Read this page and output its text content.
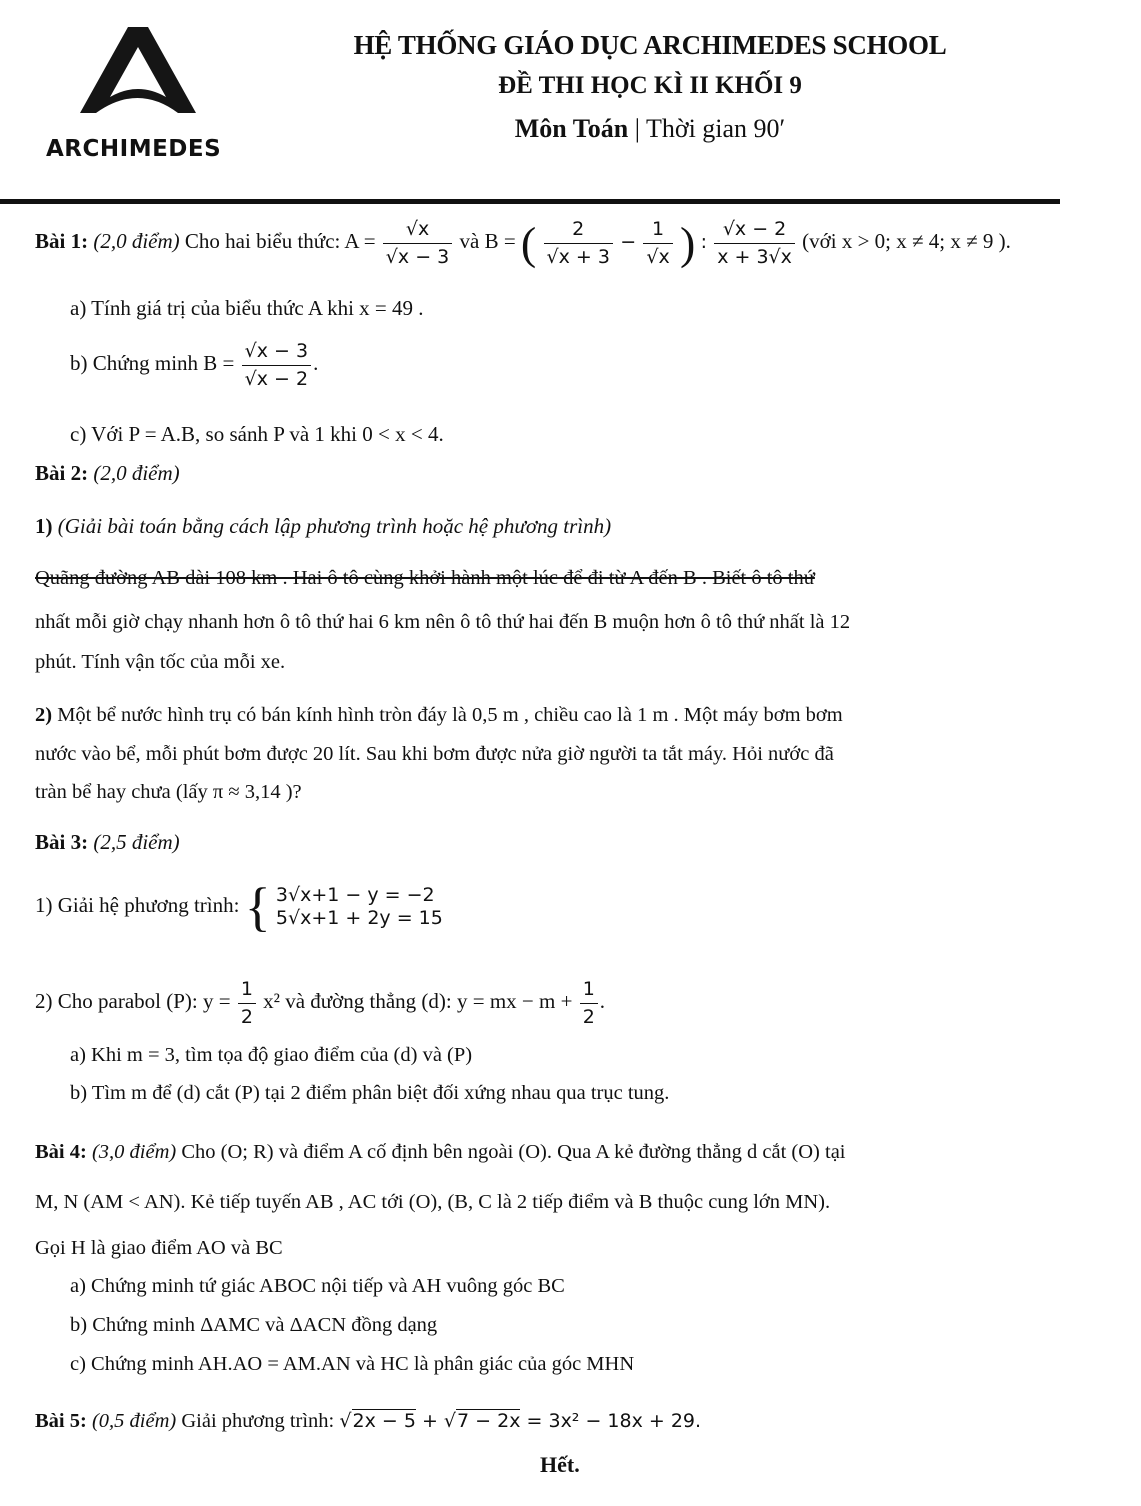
ARCHIMEDES
HỆ THỐNG GIÁO DỤC ARCHIMEDES SCHOOL
ĐỀ THI HỌC KÌ II KHỐI 9
Môn Toán | Thời gian 90′
Bài 1: (2,0 điểm) Cho hai biểu thức: $A = \frac{√x}{√x - 3}$ và B = ( $\frac{2}{√x + 3} - \frac{1}{√x}$ ) : $\frac{√x - 2}{x + 3√x}$ (với x > 0; x ≠ 4; x ≠ 9 ).
a) Tính giá trị của biểu thức A khi x = 49 .
b) Chứng minh $B = \frac{√x - 3}{√x - 2}$ .
c) Với P = A.B, so sánh P và 1 khi 0 < x < 4.
Bài 2: (2,0 điểm)
1) (Giải bài toán bằng cách lập phương trình hoặc hệ phương trình)
Quãng đường AB dài 108 km . Hai ô tô cùng khởi hành một lúc để đi từ A đến B . Biết ô tô thứ
nhất mỗi giờ chạy nhanh hơn ô tô thứ hai 6 km nên ô tô thứ hai đến B muộn hơn ô tô thứ nhất là 12
phút. Tính vận tốc của mỗi xe.
2) Một bể nước hình trụ có bán kính hình tròn đáy là 0,5 m , chiều cao là 1 m . Một máy bơm bơm
nước vào bể, mỗi phút bơm được 20 lít. Sau khi bơm được nửa giờ người ta tắt máy. Hỏi nước đã
tràn bể hay chưa (lấy π ≈ 3,14 )?
Bài 3: (2,5 điểm)
1) Giải hệ phương trình: { 3√x+1 − y = −2
5√x+1 + 2y = 15
2) Cho parabol (P): $y = \frac{1}{2} x^2$ và đường thẳng (d): y = mx − $m + \frac{1}{2}$ .
a) Khi m = 3, tìm tọa độ giao điểm của (d) và (P)
b) Tìm m để (d) cắt (P) tại 2 điểm phân biệt đối xứng nhau qua trục tung.
Bài 4: (3,0 điểm) Cho (O; R) và điểm A cố định bên ngoài (O). Qua A kẻ đường thẳng d cắt (O) tại
M, N (AM < AN). Kẻ tiếp tuyến AB , AC tới (O), (B, C là 2 tiếp điểm và B thuộc cung lớn MN).
Gọi H là giao điểm AO và BC
a) Chứng minh tứ giác ABOC nội tiếp và AH vuông góc BC
b) Chứng minh ΔAMC và ΔACN đồng dạng
c) Chứng minh AH.AO = AM.AN và HC là phân giác của góc MHN
Bài 5: (0,5 điểm) Giải phương trình: √2x − 5 + √7 − 2x = 3x² − 18x + 29.
Hết.
